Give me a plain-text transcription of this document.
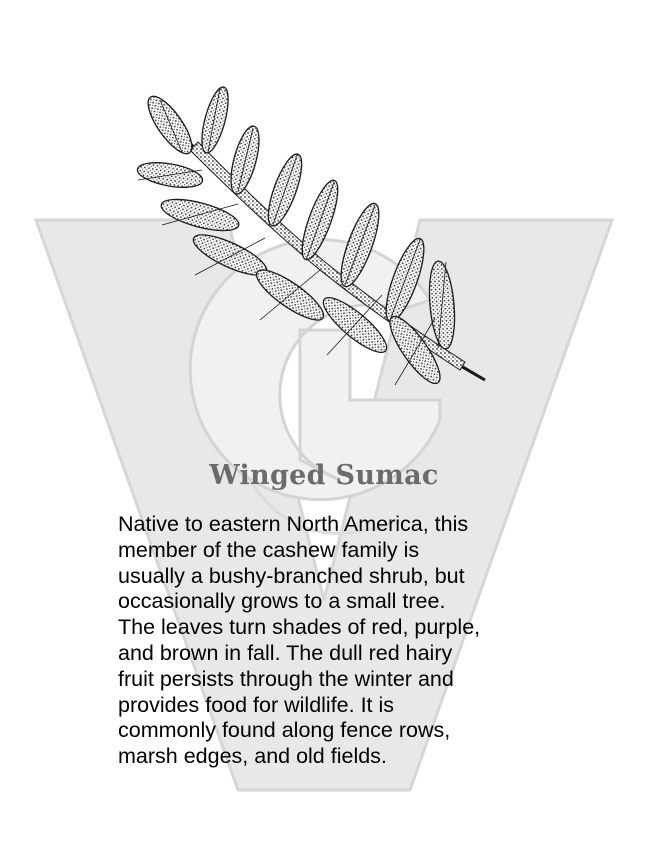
Winged Sumac

Native to eastern North America, this
member of the cashew family is
usually a bushy-branched shrub, but
occasionally grows to a small tree.
The leaves turn shades of red, purple,
and brown in fall. The dull red hairy
fruit persists through the winter and
provides food for wildlife. It is
commonly found along fence rows,
marsh edges, and old fields.
